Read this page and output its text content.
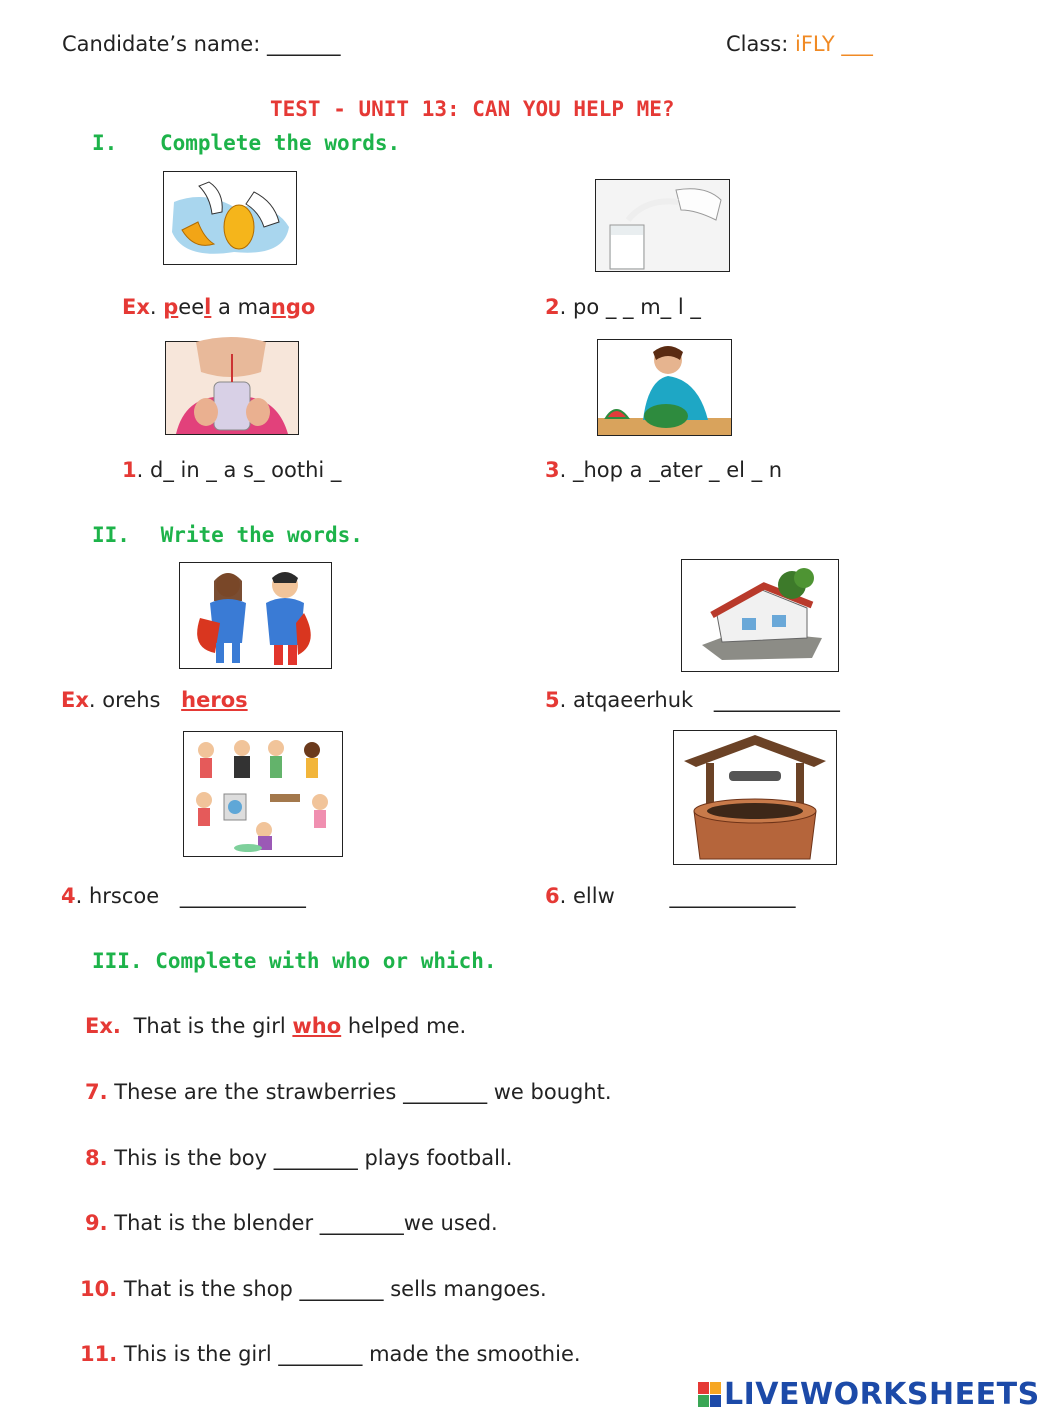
Candidate’s name: _______	Class: iFLY ___
TEST - UNIT 13: CAN YOU HELP ME?
I. Complete the words.
Ex. peel a mango	2. po _ _ m_ l _
1. d_ in _ a s_ oothi _	3. _hop a _ater _ el _ n
II. Write the words.
Ex. orehs heros	5. atqaeerhuk ____________
4. hrscoe ____________	6. ellw	____________
III. Complete with who or which.
Ex. That is the girl who helped me.
7. These are the strawberries ________ we bought.
8. This is the boy ________ plays football.
9. That is the blender ________we used.
10. That is the shop ________ sells mangoes.
11. This is the girl ________ made the smoothie.
LIVEWORKSHEETS
